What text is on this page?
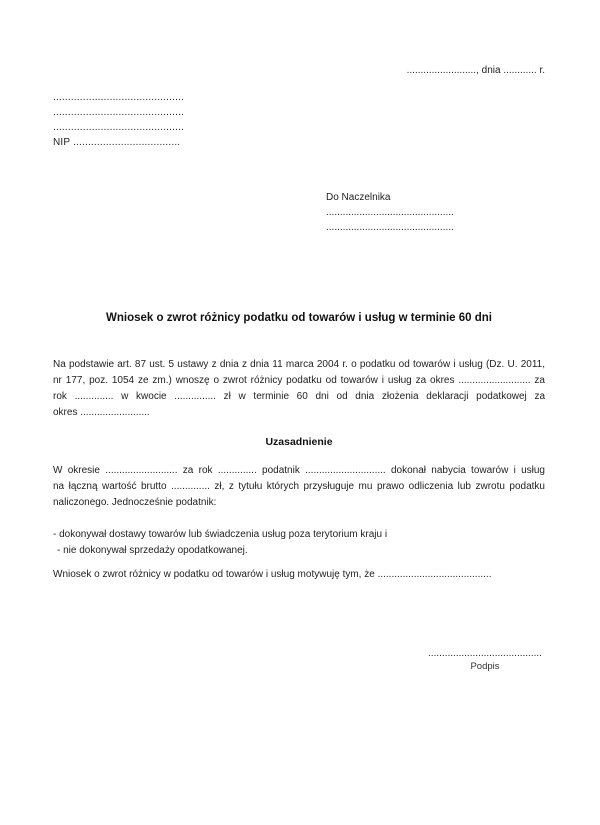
........................., dnia ............ r.
............................................
............................................
............................................
NIP ....................................
Do Naczelnika
..............................................
..............................................
Wniosek o zwrot różnicy podatku od towarów i usług w terminie 60 dni
Na podstawie art. 87 ust. 5 ustawy z dnia z dnia 11 marca 2004 r. o podatku od towarów i usług (Dz. U. 2011,
nr 177, poz. 1054 ze zm.) wnoszę o zwrot różnicy podatku od towarów i usług za okres .......................... za
rok .............. w kwocie ............... zł w terminie 60 dni od dnia złożenia deklaracji podatkowej za
okres .........................
Uzasadnienie
W okresie .......................... za rok .............. podatnik ............................. dokonał nabycia towarów i usług
na łączną wartość brutto .............. zł, z tytułu których przysługuje mu prawo odliczenia lub zwrotu podatku
naliczonego. Jednocześnie podatnik:
- dokonywał dostawy towarów lub świadczenia usług poza terytorium kraju i
- nie dokonywał sprzedaży opodatkowanej.
Wniosek o zwrot różnicy w podatku od towarów i usług motywuję tym, że .........................................
.........................................
Podpis
